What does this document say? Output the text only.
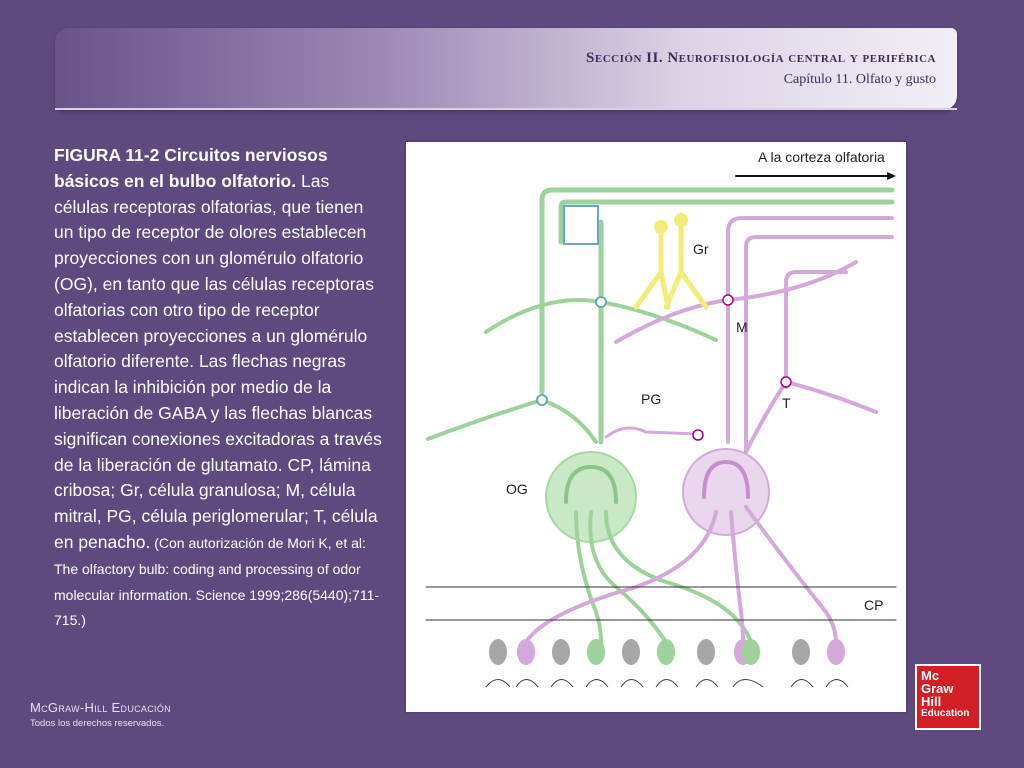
Sección II. Neurofisiología central y periférica
Capítulo 11. Olfato y gusto
FIGURA 11-2 Circuitos nerviosos básicos en el bulbo olfatorio. Las células receptoras olfatorias, que tienen un tipo de receptor de olores establecen proyecciones con un glomérulo olfatorio (OG), en tanto que las células receptoras olfatorias con otro tipo de receptor establecen proyecciones a un glomérulo olfatorio diferente. Las flechas negras indican la inhibición por medio de la liberación de GABA y las flechas blancas significan conexiones excitadoras a través de la liberación de glutamato. CP, lámina cribosa; Gr, célula granulosa; M, célula mitral, PG, célula periglomerular; T, célula en penacho. (Con autorización de Mori K, et al: The olfactory bulb: coding and processing of odor molecular information. Science 1999;286(5440);711-715.)
A la corteza olfatoria
Gr
M
PG	T
OG
CP
McGraw-Hill Educación
Todos los derechos reservados.
Mc
Graw
Hill
Education
